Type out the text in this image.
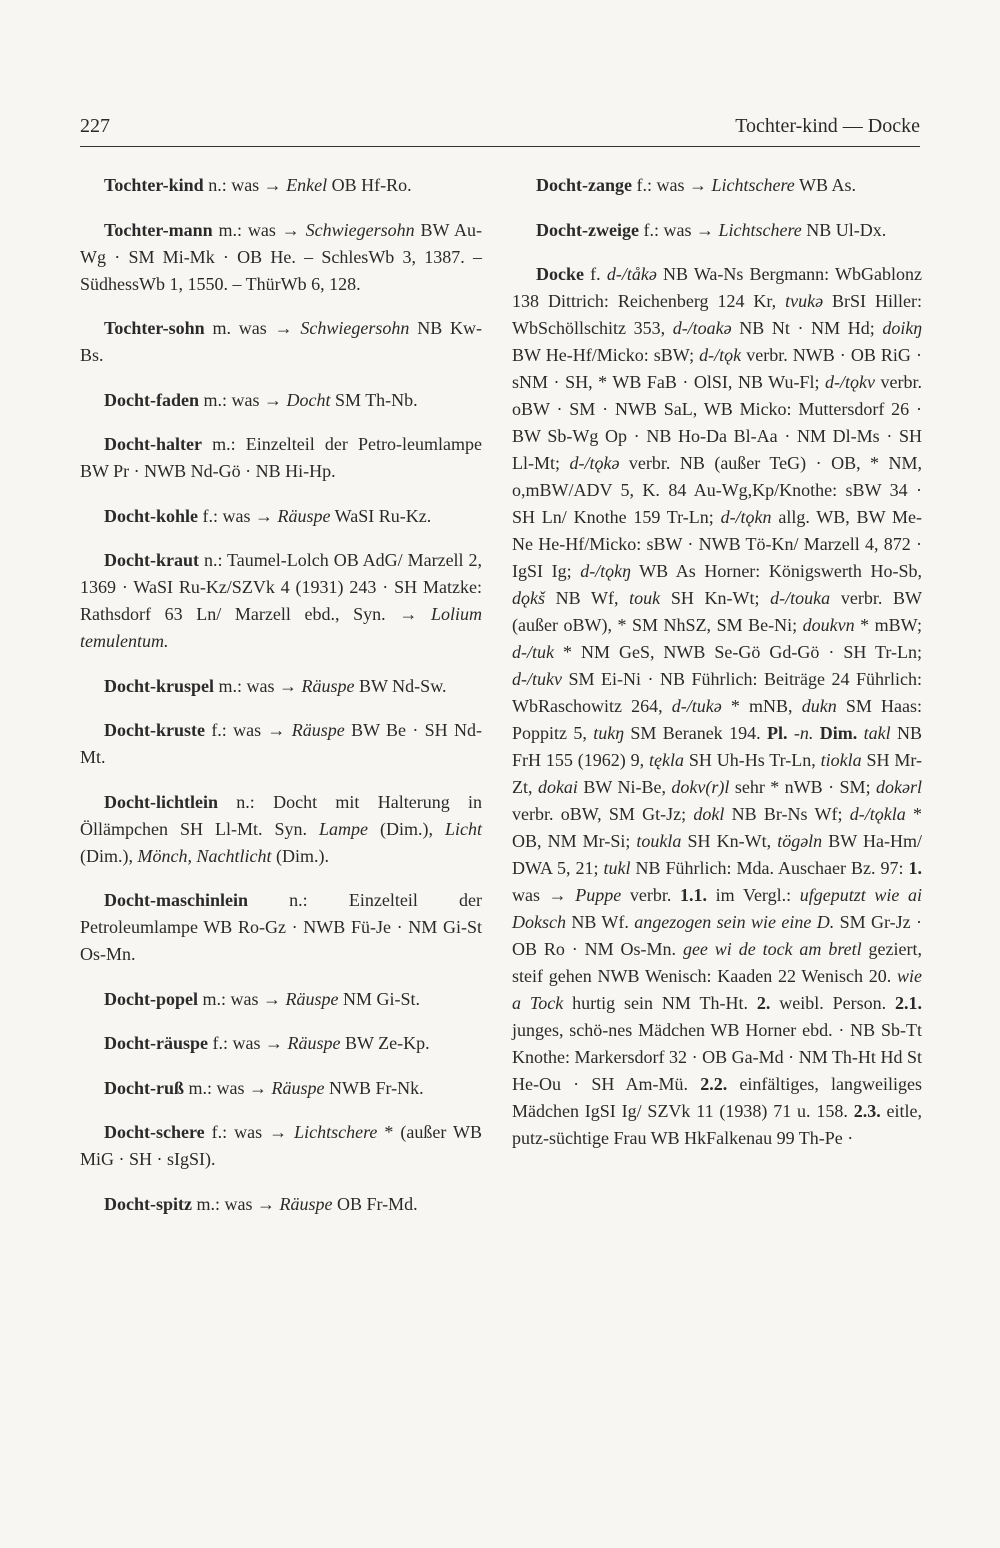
227	Tochter-kind — Docke

Tochter-kind n.: was → Enkel OB Hf-Ro.

Tochter-mann m.: was → Schwiegersohn BW Au-Wg · SM Mi-Mk · OB He. – SchlesWb 3, 1387. – SüdhessWb 1, 1550. – ThürWb 6, 128.

Tochter-sohn m. was → Schwiegersohn NB Kw-Bs.

Docht-faden m.: was → Docht SM Th-Nb.

Docht-halter m.: Einzelteil der Petro-leumlampe BW Pr · NWB Nd-Gö · NB Hi-Hp.

Docht-kohle f.: was → Räuspe WaSI Ru-Kz.

Docht-kraut n.: Taumel-Lolch OB AdG/ Marzell 2, 1369 · WaSI Ru-Kz/SZVk 4 (1931) 243 · SH Matzke: Rathsdorf 63 Ln/ Marzell ebd., Syn. → Lolium temulentum.

Docht-kruspel m.: was → Räuspe BW Nd-Sw.

Docht-kruste f.: was → Räuspe BW Be · SH Nd-Mt.

Docht-lichtlein n.: Docht mit Halterung in Öllämpchen SH Ll-Mt. Syn. Lampe (Dim.), Licht (Dim.), Mönch, Nachtlicht (Dim.).

Docht-maschinlein n.: Einzelteil der Petroleumlampe WB Ro-Gz · NWB Fü-Je · NM Gi-St Os-Mn.

Docht-popel m.: was → Räuspe NM Gi-St.

Docht-räuspe f.: was → Räuspe BW Ze-Kp.

Docht-ruß m.: was → Räuspe NWB Fr-Nk.

Docht-schere f.: was → Lichtschere * (außer WB MiG · SH · sIgSI).

Docht-spitz m.: was → Räuspe OB Fr-Md.

Docht-zange f.: was → Lichtschere WB As.

Docht-zweige f.: was → Lichtschere NB Ul-Dx.

Docke f. d-/tåkə NB Wa-Ns Bergmann: WbGablonz 138 Dittrich: Reichenberg 124 Kr, tvukə BrSI Hiller: WbSchöllschitz 353, d-/toakə NB Nt · NM Hd; doikŋ BW He-Hf/Micko: sBW; d-/tǫk verbr. NWB · OB RiG · sNM · SH, * WB FaB · OlSI, NB Wu-Fl; d-/tǫkv verbr. oBW · SM · NWB SaL, WB Micko: Muttersdorf 26 · BW Sb-Wg Op · NB Ho-Da Bl-Aa · NM Dl-Ms · SH Ll-Mt; d-/tǫkə verbr. NB (außer TeG) · OB, * NM, o,mBW/ADV 5, K. 84 Au-Wg,Kp/Knothe: sBW 34 · SH Ln/ Knothe 159 Tr-Ln; d-/tǫkn allg. WB, BW Me-Ne He-Hf/Micko: sBW · NWB Tö-Kn/ Marzell 4, 872 · IgSI Ig; d-/tǫkŋ WB As Horner: Königswerth Ho-Sb, dǫkš NB Wf, touk SH Kn-Wt; d-/touka verbr. BW (außer oBW), * SM NhSZ, SM Be-Ni; doukvn * mBW; d-/tuk * NM GeS, NWB Se-Gö Gd-Gö · SH Tr-Ln; d-/tukv SM Ei-Ni · NB Führlich: Beiträge 24 Führlich: WbRaschowitz 264, d-/tukə * mNB, dukn SM Haas: Poppitz 5, tukŋ SM Beranek 194. Pl. -n. Dim. takl NB FrH 155 (1962) 9, tękla SH Uh-Hs Tr-Ln, tiokla SH Mr-Zt, dokai BW Ni-Be, dokv(r)l sehr * nWB · SM; dokərl verbr. oBW, SM Gt-Jz; dokl NB Br-Ns Wf; d-/tǫkla * OB, NM Mr-Si; toukla SH Kn-Wt, tögəln BW Ha-Hm/ DWA 5, 21; tukl NB Führlich: Mda. Auschaer Bz. 97: 1. was → Puppe verbr. 1.1. im Vergl.: ufgeputzt wie ai Doksch NB Wf. angezogen sein wie eine D. SM Gr-Jz · OB Ro · NM Os-Mn. gee wi de tock am bretl geziert, steif gehen NWB Wenisch: Kaaden 22 Wenisch 20. wie a Tock hurtig sein NM Th-Ht. 2. weibl. Person. 2.1. junges, schö-nes Mädchen WB Horner ebd. · NB Sb-Tt Knothe: Markersdorf 32 · OB Ga-Md · NM Th-Ht Hd St He-Ou · SH Am-Mü. 2.2. einfältiges, langweiliges Mädchen IgSI Ig/ SZVk 11 (1938) 71 u. 158. 2.3. eitle, putz-süchtige Frau WB HkFalkenau 99 Th-Pe ·
